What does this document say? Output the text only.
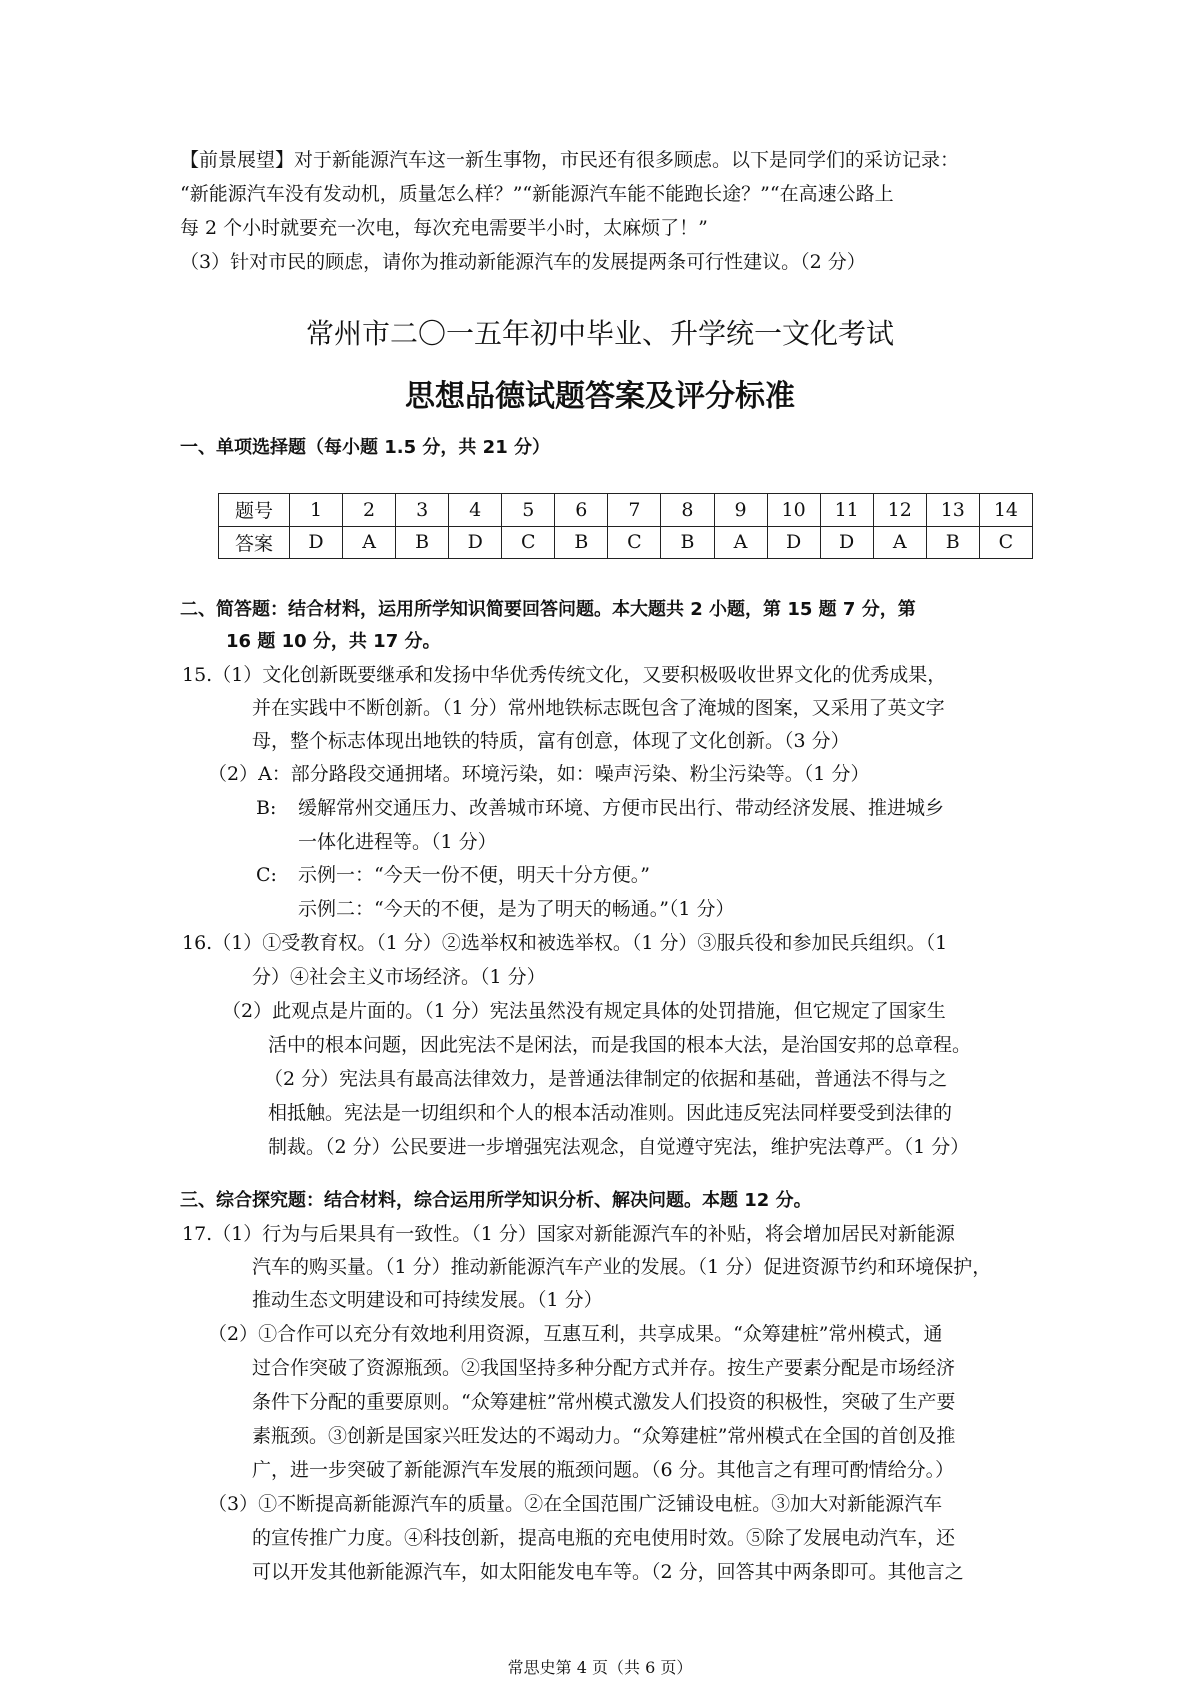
【前景展望】对于新能源汽车这一新生事物，市民还有很多顾虑。以下是同学们的采访记录：
“新能源汽车没有发动机，质量怎么样？”“新能源汽车能不能跑长途？”“在高速公路上
每 2 个小时就要充一次电，每次充电需要半小时，太麻烦了！”
（3）针对市民的顾虑，请你为推动新能源汽车的发展提两条可行性建议。（2 分）
常州市二〇一五年初中毕业、升学统一文化考试
思想品德试题答案及评分标准
一、单项选择题（每小题 1.5 分，共 21 分）
题号	1	2	3	4	5	6	7	8	9	10	11	12	13	14
答案	D	A	B	D	C	B	C	B	A	D	D	A	B	C
二、简答题：结合材料，运用所学知识简要回答问题。本大题共 2 小题，第 15 题 7 分，第
16 题 10 分，共 17 分。
15.（1）文化创新既要继承和发扬中华优秀传统文化，又要积极吸收世界文化的优秀成果，
并在实践中不断创新。（1 分）常州地铁标志既包含了淹城的图案，又采用了英文字
母，整个标志体现出地铁的特质，富有创意，体现了文化创新。（3 分）
（2）A：部分路段交通拥堵。环境污染，如：噪声污染、粉尘污染等。（1 分）
B: 缓解常州交通压力、改善城市环境、方便市民出行、带动经济发展、推进城乡
一体化进程等。（1 分）
C: 示例一：“今天一份不便，明天十分方便。”
示例二：“今天的不便，是为了明天的畅通。”（1 分）
16.（1）①受教育权。（1 分）②选举权和被选举权。（1 分）③服兵役和参加民兵组织。（1
分）④社会主义市场经济。（1 分）
（2）此观点是片面的。（1 分）宪法虽然没有规定具体的处罚措施，但它规定了国家生
活中的根本问题，因此宪法不是闲法，而是我国的根本大法，是治国安邦的总章程。
（2 分）宪法具有最高法律效力，是普通法律制定的依据和基础，普通法不得与之
相抵触。宪法是一切组织和个人的根本活动准则。因此违反宪法同样要受到法律的
制裁。（2 分）公民要进一步增强宪法观念，自觉遵守宪法，维护宪法尊严。（1 分）
三、综合探究题：结合材料，综合运用所学知识分析、解决问题。本题 12 分。
17.（1）行为与后果具有一致性。（1 分）国家对新能源汽车的补贴，将会增加居民对新能源
汽车的购买量。（1 分）推动新能源汽车产业的发展。（1 分）促进资源节约和环境保护，
推动生态文明建设和可持续发展。（1 分）
（2）①合作可以充分有效地利用资源，互惠互利，共享成果。“众筹建桩”常州模式，通
过合作突破了资源瓶颈。②我国坚持多种分配方式并存。按生产要素分配是市场经济
条件下分配的重要原则。“众筹建桩”常州模式激发人们投资的积极性，突破了生产要
素瓶颈。③创新是国家兴旺发达的不竭动力。“众筹建桩”常州模式在全国的首创及推
广，进一步突破了新能源汽车发展的瓶颈问题。（6 分。其他言之有理可酌情给分。）
（3）①不断提高新能源汽车的质量。②在全国范围广泛铺设电桩。③加大对新能源汽车
的宣传推广力度。④科技创新，提高电瓶的充电使用时效。⑤除了发展电动汽车，还
可以开发其他新能源汽车，如太阳能发电车等。（2 分，回答其中两条即可。其他言之
常思史第 4 页（共 6 页）
